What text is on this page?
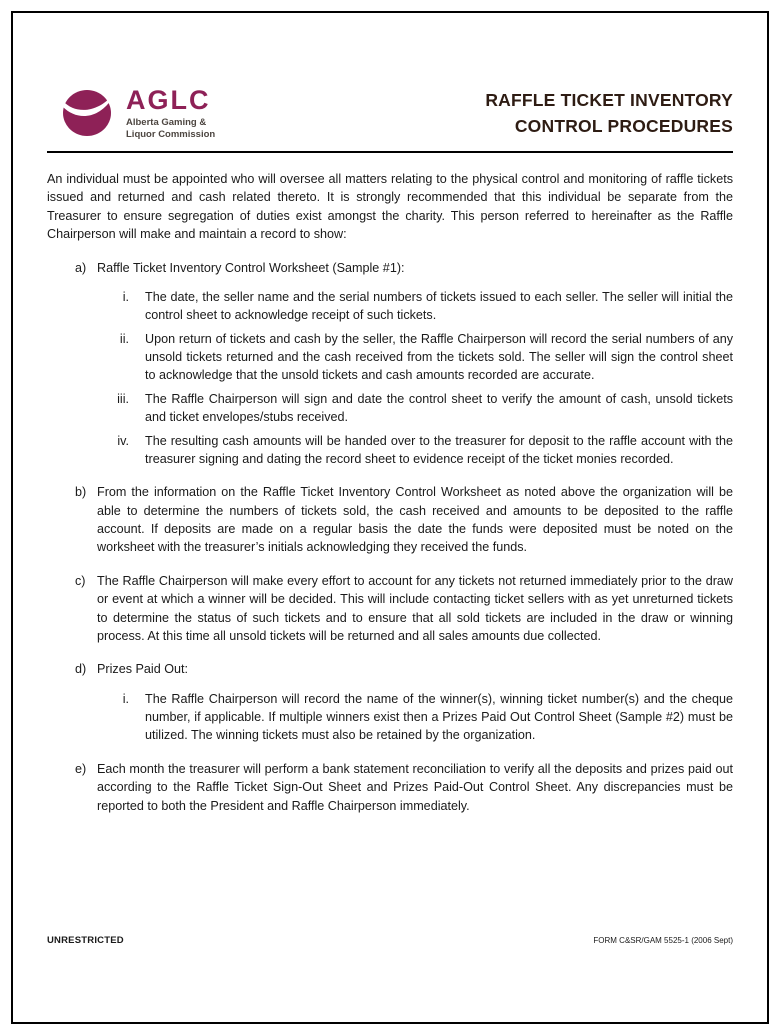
AGLC
Alberta Gaming &
Liquor Commission
RAFFLE TICKET INVENTORY
CONTROL PROCEDURES

An individual must be appointed who will oversee all matters relating to the physical control and monitoring of raffle tickets issued and returned and cash related thereto. It is strongly recommended that this individual be separate from the Treasurer to ensure segregation of duties exist amongst the charity. This person referred to hereinafter as the Raffle Chairperson will make and maintain a record to show:

a) Raffle Ticket Inventory Control Worksheet (Sample #1):
i. The date, the seller name and the serial numbers of tickets issued to each seller. The seller will initial the control sheet to acknowledge receipt of such tickets.
ii. Upon return of tickets and cash by the seller, the Raffle Chairperson will record the serial numbers of any unsold tickets returned and the cash received from the tickets sold. The seller will sign the control sheet to acknowledge that the unsold tickets and cash amounts recorded are accurate.
iii. The Raffle Chairperson will sign and date the control sheet to verify the amount of cash, unsold tickets and ticket envelopes/stubs received.
iv. The resulting cash amounts will be handed over to the treasurer for deposit to the raffle account with the treasurer signing and dating the record sheet to evidence receipt of the ticket monies recorded.
b) From the information on the Raffle Ticket Inventory Control Worksheet as noted above the organization will be able to determine the numbers of tickets sold, the cash received and amounts to be deposited to the raffle account. If deposits are made on a regular basis the date the funds were deposited must be noted on the worksheet with the treasurer’s initials acknowledging they received the funds.
c) The Raffle Chairperson will make every effort to account for any tickets not returned immediately prior to the draw or event at which a winner will be decided. This will include contacting ticket sellers with as yet unreturned tickets to determine the status of such tickets and to ensure that all sold tickets are included in the draw or winning process. At this time all unsold tickets will be returned and all sales amounts due collected.
d) Prizes Paid Out:
i. The Raffle Chairperson will record the name of the winner(s), winning ticket number(s) and the cheque number, if applicable. If multiple winners exist then a Prizes Paid Out Control Sheet (Sample #2) must be utilized. The winning tickets must also be retained by the organization.
e) Each month the treasurer will perform a bank statement reconciliation to verify all the deposits and prizes paid out according to the Raffle Ticket Sign-Out Sheet and Prizes Paid-Out Control Sheet. Any discrepancies must be reported to both the President and Raffle Chairperson immediately.
UNRESTRICTED	FORM C&SR/GAM 5525-1 (2006 Sept)
